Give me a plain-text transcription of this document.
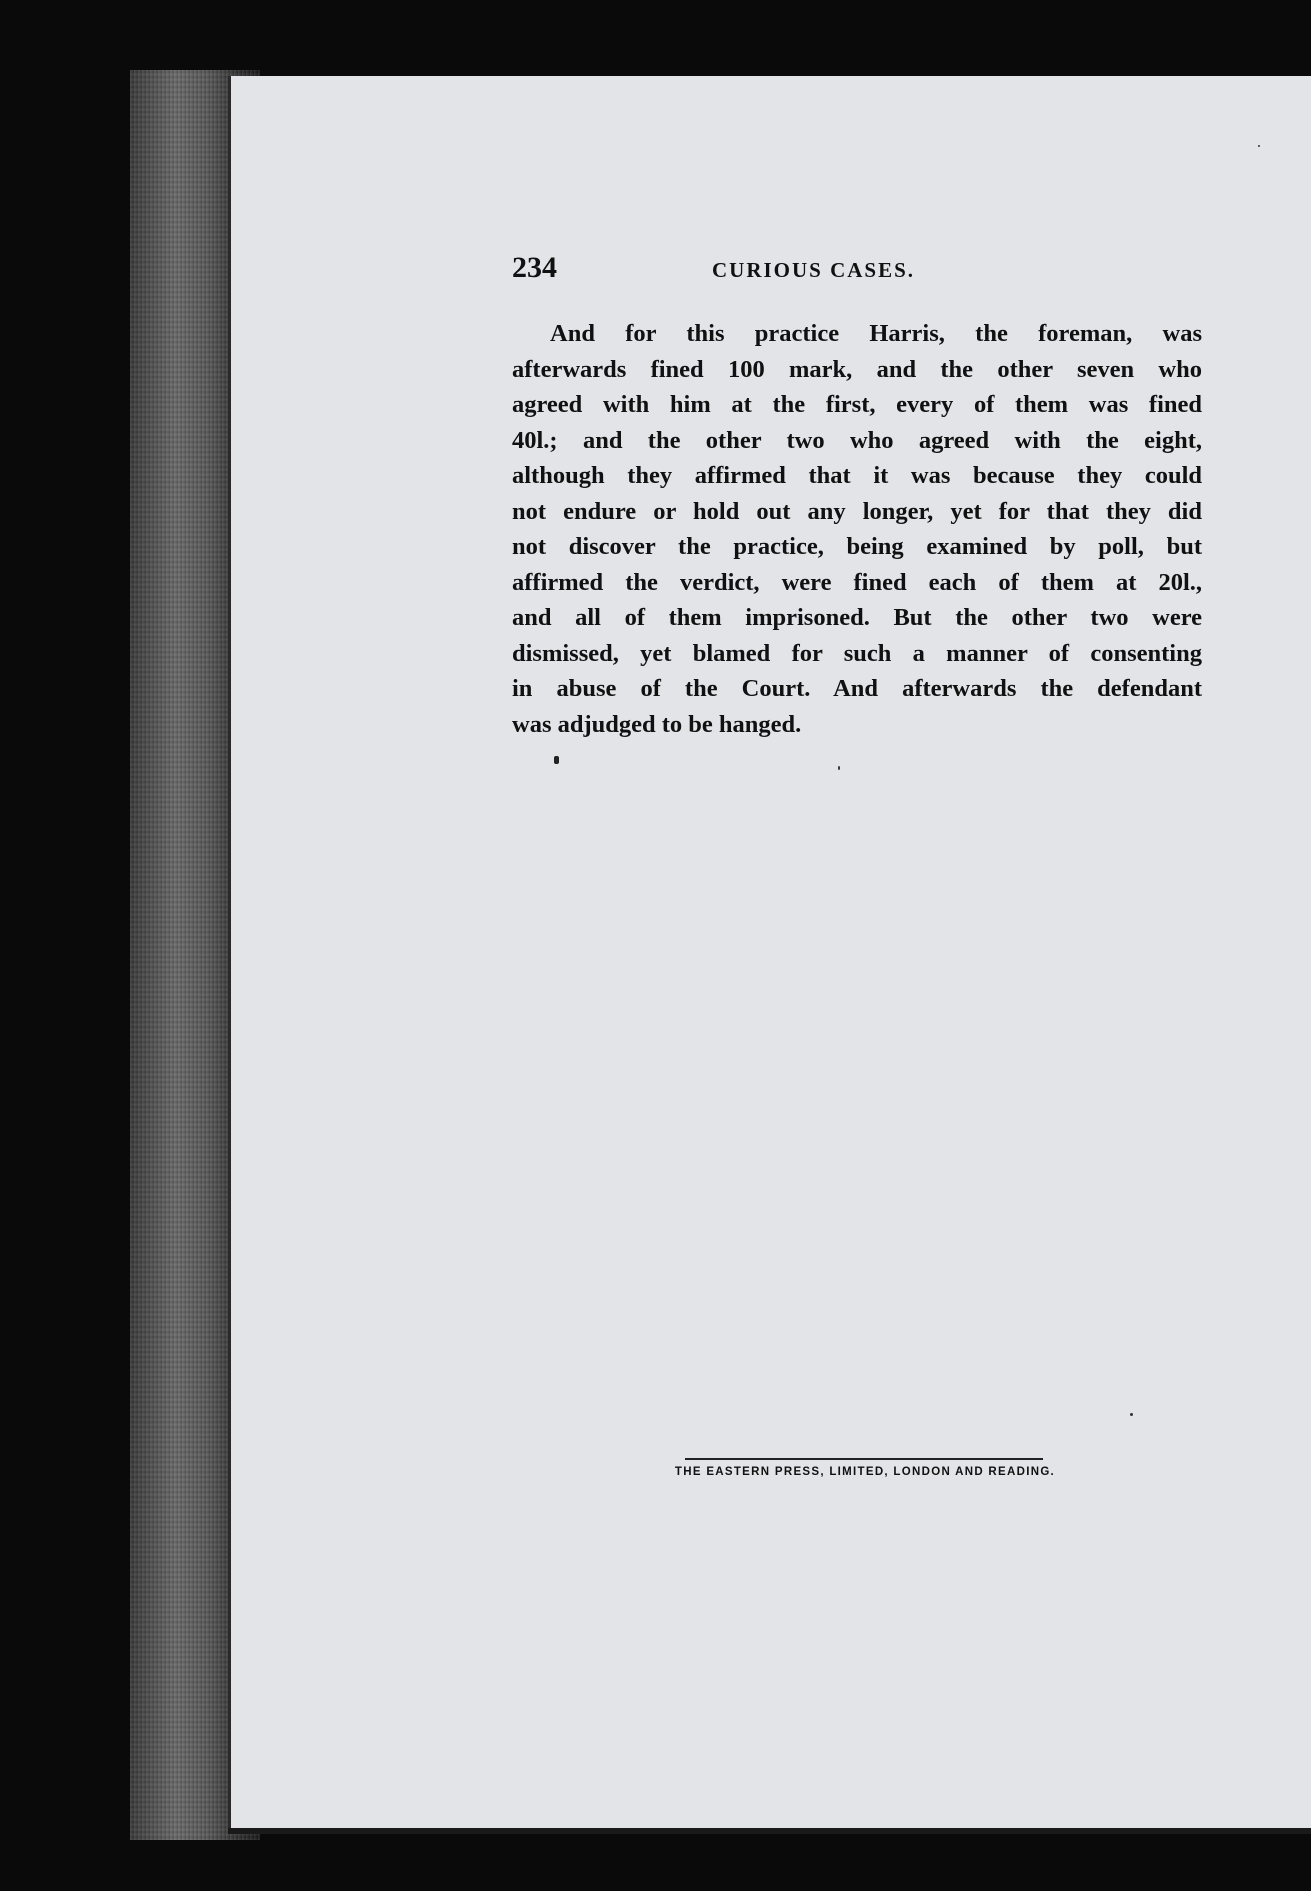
234	CURIOUS CASES.
And for this practice Harris, the foreman, was
afterwards fined 100 mark, and the other seven who
agreed with him at the first, every of them was fined
40l.; and the other two who agreed with the eight,
although they affirmed that it was because they could
not endure or hold out any longer, yet for that they did
not discover the practice, being examined by poll, but
affirmed the verdict, were fined each of them at 20l.,
and all of them imprisoned. But the other two were
dismissed, yet blamed for such a manner of consenting
in abuse of the Court. And afterwards the defendant
was adjudged to be hanged.
THE EASTERN PRESS, LIMITED, LONDON AND READING.
